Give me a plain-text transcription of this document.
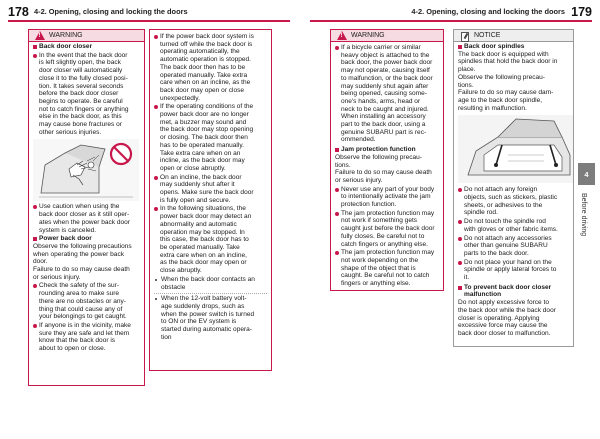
178 4-2. Opening, closing and locking the doors	4-2. Opening, closing and locking the doors 179
!
WARNING
Back door closer
In the event that the back door
is left slightly open, the back
door closer will automatically
close it to the fully closed posi-
tion. It takes several seconds
before the back door closer
begins to operate. Be careful
not to catch fingers or anything
else in the back door, as this
may cause bone fractures or
other serious injuries.
Use caution when using the
back door closer as it still oper-
ates when the power back door
system is canceled.
Power back door
Observe the following precautions
when operating the power back
door.
Failure to do so may cause death
or serious injury.
Check the safety of the sur-
rounding area to make sure
there are no obstacles or any-
thing that could cause any of
your belongings to get caught.
If anyone is in the vicinity, make
sure they are safe and let them
know that the back door is
about to open or close.
If the power back door system is
turned off while the back door is
operating automatically, the
automatic operation is stopped.
The back door then has to be
operated manually. Take extra
care when on an incline, as the
back door may open or close
unexpectedly.
If the operating conditions of the
power back door are no longer
met, a buzzer may sound and
the back door may stop opening
or closing. The back door then
has to be operated manually.
Take extra care when on an
incline, as the back door may
open or close abruptly.
On an incline, the back door
may suddenly shut after it
opens. Make sure the back door
is fully open and secure.
In the following situations, the
power back door may detect an
abnormality and automatic
operation may be stopped. In
this case, the back door has to
be operated manually. Take
extra care when on an incline,
as the back door may open or
close abruptly.
When the back door contacts an
obstacle
When the 12-volt battery volt-
age suddenly drops, such as
when the power switch is turned
to ON or the EV system is
started during automatic opera-
tion
!
WARNING
If a bicycle carrier or similar
heavy object is attached to the
back door, the power back door
may not operate, causing itself
to malfunction, or the back door
may suddenly shut again after
being opened, causing some-
one's hands, arms, head or
neck to be caught and injured.
When installing an accessory
part to the back door, using a
genuine SUBARU part is rec-
ommended.
Jam protection function
Observe the following precau-
tions.
Failure to do so may cause death
or serious injury.
Never use any part of your body
to intentionally activate the jam
protection function.
The jam protection function may
not work if something gets
caught just before the back door
fully closes. Be careful not to
catch fingers or anything else.
The jam protection function may
not work depending on the
shape of the object that is
caught. Be careful not to catch
fingers or anything else.
NOTICE
Back door spindles
The back door is equipped with
spindles that hold the back door in
place.
Observe the following precau-
tions.
Failure to do so may cause dam-
age to the back door spindle,
resulting in malfunction.
Do not attach any foreign
objects, such as stickers, plastic
sheets, or adhesives to the
spindle rod.
Do not touch the spindle rod
with gloves or other fabric items.
Do not attach any accessories
other than genuine SUBARU
parts to the back door.
Do not place your hand on the
spindle or apply lateral forces to
it.
To prevent back door closer
malfunction
Do not apply excessive force to
the back door while the back door
closer is operating. Applying
excessive force may cause the
back door closer to malfunction.
4
Before driving
